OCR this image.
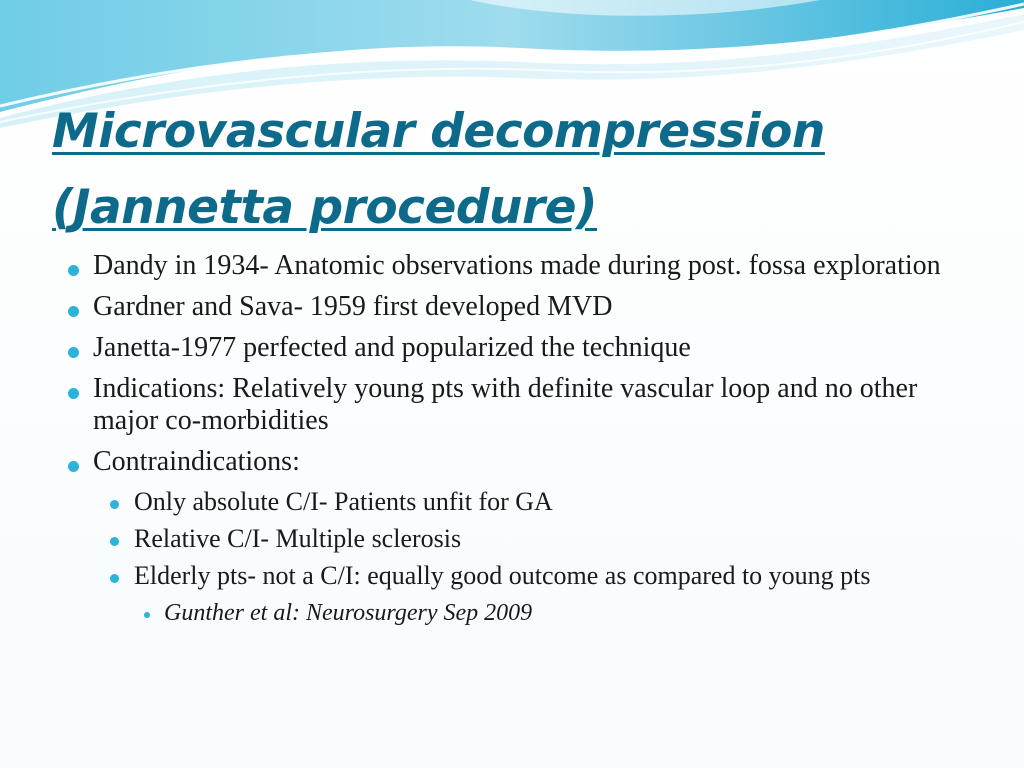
Microvascular decompression
(Jannetta procedure)
Dandy in 1934- Anatomic observations made during post. fossa exploration
Gardner and Sava- 1959 first developed MVD
Janetta-1977 perfected and popularized the technique
Indications: Relatively young pts with definite vascular loop and no other major co-morbidities
Contraindications:
Only absolute C/I- Patients unfit for GA
Relative C/I- Multiple sclerosis
Elderly pts- not a C/I: equally good outcome as compared to young pts
Gunther et al: Neurosurgery Sep 2009
